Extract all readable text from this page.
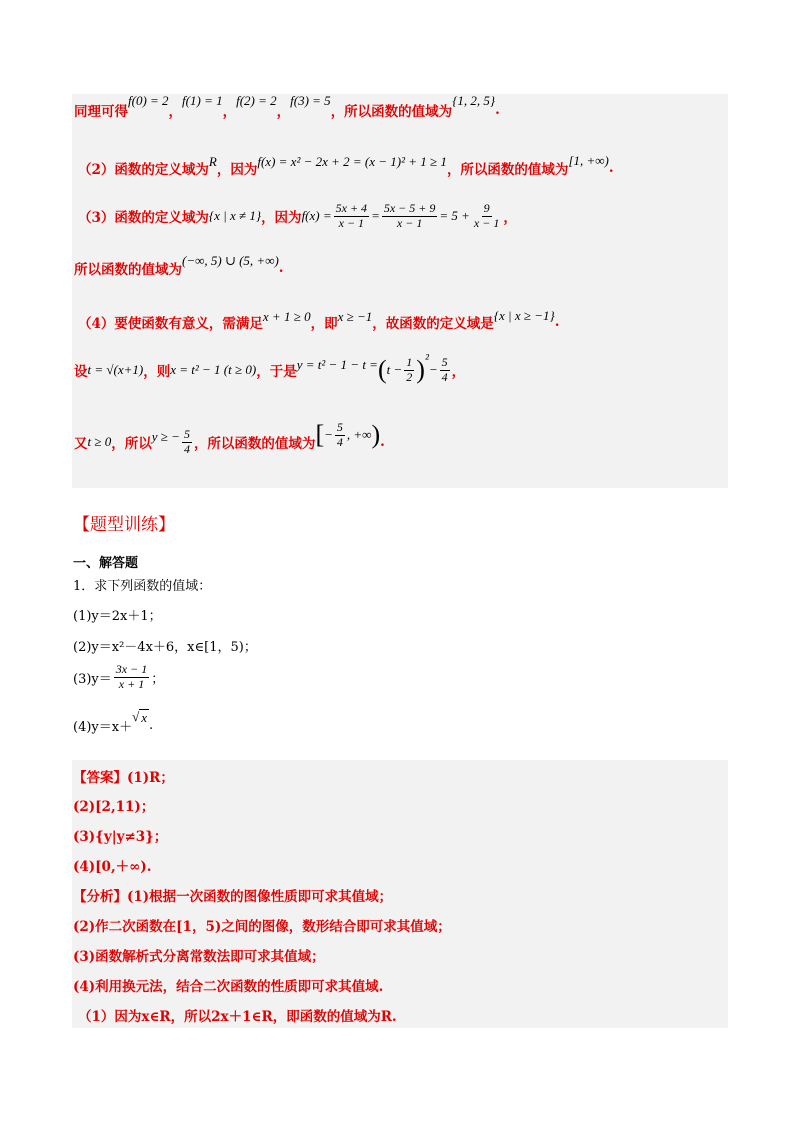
同理可得
f(0) = 2
，
f(1) = 1
，
f(2) = 2
，
f(3) = 5
，所以函数的值域为
{1, 2, 5}
.
（2）函数的定义域为
R
，因为
f(x) = x² − 2x + 2 = (x − 1)² + 1 ≥ 1
，所以函数的值域为
[1, +∞) .
（3）函数的定义域为 {x | x ≠ 1} ，因为 $f(x) = \frac{5x + 4}{x - 1} = \frac{5x - 5 + 9}{x - 1} = 5 + \frac{9}{x - 1}$ ，
所以函数的值域为
(−∞, 5) ∪ (5, +∞) .
（4）要使函数有意义，需满足 x + 1 ≥ 0 ，即 x ≥ −1 ，故函数的定义域是
{x | x ≥ −1} .
设 t = √(x+1) ，则 x = t² − 1 (t ≥ 0) ，于是 y = t² − 1 − t = ( $t - \frac{1}{2}$ ) ²
− $\frac{5}{4}$ ，
又 t ≥ 0 ，所以 y ≥ − $\frac{5}{4}$ ，所以函数的值域为 [ − $\frac{5}{4}$ , +∞ ) .
【题型训练】
一、解答题
1．求下列函数的值域：
(1)y＝2x＋1；
(2)y＝x²－4x＋6，x∈[1，5)；
$(3)y= \frac{3x - 1}{x + 1}$ ；
(4)y＝x＋
√ x
.
【答案】(1)R；
(2)[2,11)；
(3){y|y≠3}；
(4)[0,＋∞).
【分析】(1)根据一次函数的图像性质即可求其值域；
(2)作二次函数在[1，5)之间的图像，数形结合即可求其值域；
(3)函数解析式分离常数法即可求其值域；
(4)利用换元法，结合二次函数的性质即可求其值域.
（1）因为x∈R，所以2x＋1∈R，即函数的值域为R.
